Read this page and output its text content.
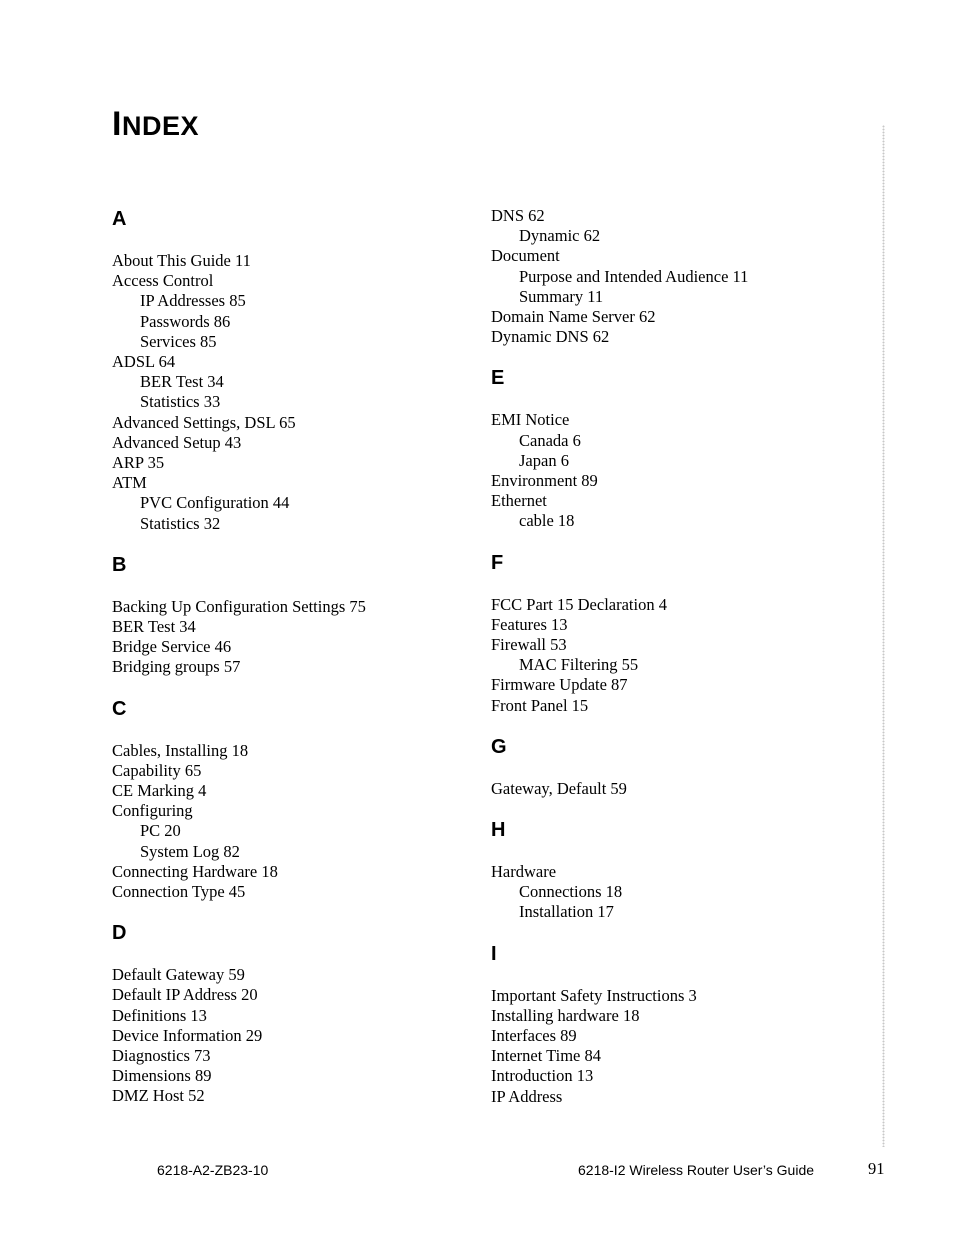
INDEX
A
About This Guide 11
Access Control
IP Addresses 85
Passwords 86
Services 85
ADSL 64
BER Test 34
Statistics 33
Advanced Settings, DSL 65
Advanced Setup 43
ARP 35
ATM
PVC Configuration 44
Statistics 32
B
Backing Up Configuration Settings 75
BER Test 34
Bridge Service 46
Bridging groups 57
C
Cables, Installing 18
Capability 65
CE Marking 4
Configuring
PC 20
System Log 82
Connecting Hardware 18
Connection Type 45
D
Default Gateway 59
Default IP Address 20
Definitions 13
Device Information 29
Diagnostics 73
Dimensions 89
DMZ Host 52
DNS 62
Dynamic 62
Document
Purpose and Intended Audience 11
Summary 11
Domain Name Server 62
Dynamic DNS 62
E
EMI Notice
Canada 6
Japan 6
Environment 89
Ethernet
cable 18
F
FCC Part 15 Declaration 4
Features 13
Firewall 53
MAC Filtering 55
Firmware Update 87
Front Panel 15
G
Gateway, Default 59
H
Hardware
Connections 18
Installation 17
I
Important Safety Instructions 3
Installing hardware 18
Interfaces 89
Internet Time 84
Introduction 13
IP Address
6218-A2-ZB23-10	6218-I2 Wireless Router User’s Guide	91
